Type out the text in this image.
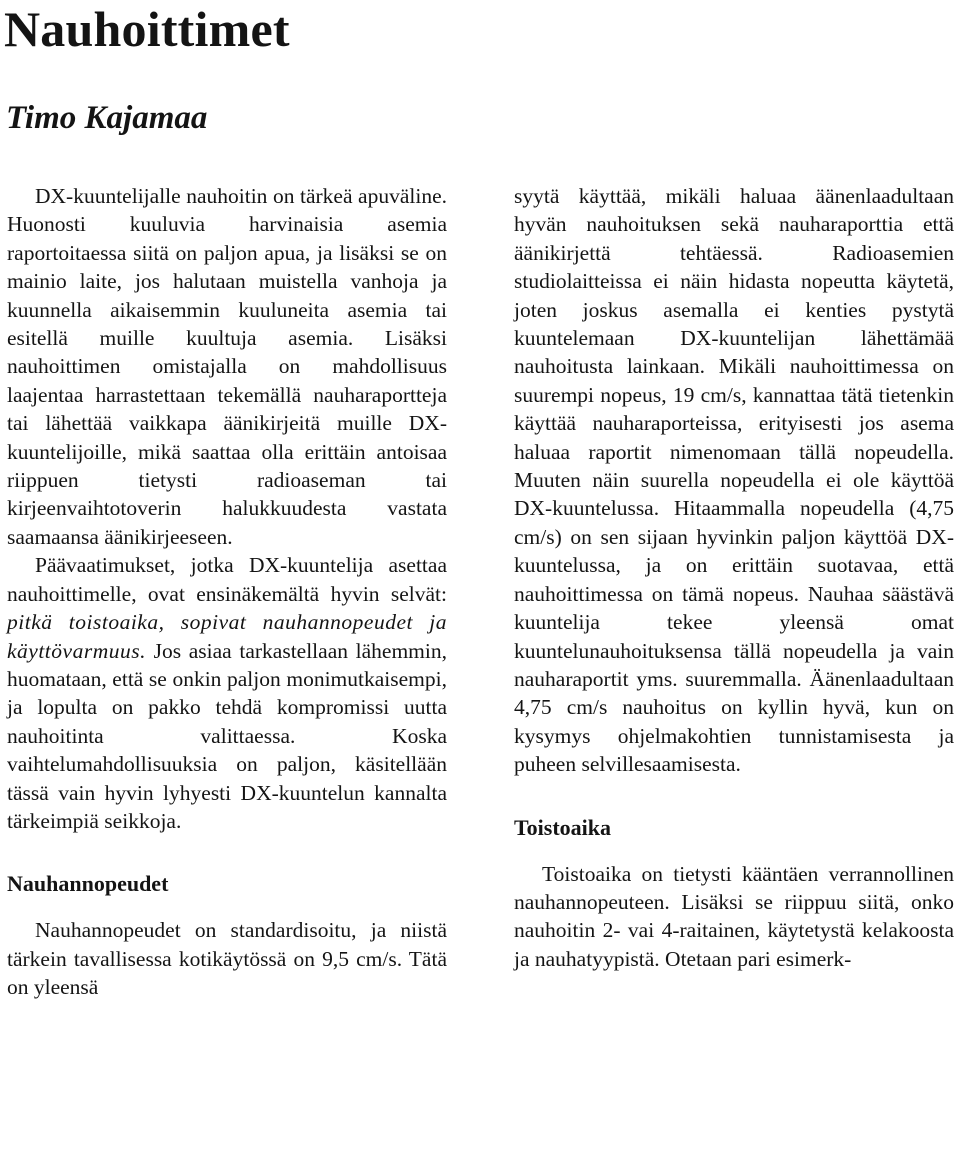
Nauhoittimet
Timo Kajamaa

DX-kuuntelijalle nauhoitin on tärkeä apuväline. Huonosti kuuluvia harvinaisia asemia raportoitaessa siitä on paljon apua, ja lisäksi se on mainio laite, jos halutaan muistella vanhoja ja kuunnella aikaisemmin kuuluneita asemia tai esitellä muille kuultuja asemia. Lisäksi nauhoittimen omistajalla on mahdollisuus laajentaa harrastettaan tekemällä nauharaportteja tai lähettää vaikkapa äänikirjeitä muille DX-kuuntelijoille, mikä saattaa olla erittäin antoisaa riippuen tietysti radioaseman tai kirjeenvaihtotoverin halukkuudesta vastata saamaansa äänikirjeeseen.

Päävaatimukset, jotka DX-kuuntelija asettaa nauhoittimelle, ovat ensinäkemältä hyvin selvät: pitkä toistoaika, sopivat nauhannopeudet ja käyttövarmuus. Jos asiaa tarkastellaan lähemmin, huomataan, että se onkin paljon monimutkaisempi, ja lopulta on pakko tehdä kompromissi uutta nauhoitinta valittaessa. Koska vaihtelumahdollisuuksia on paljon, käsitellään tässä vain hyvin lyhyesti DX-kuuntelun kannalta tärkeimpiä seikkoja.

Nauhannopeudet

Nauhannopeudet on standardisoitu, ja niistä tärkein tavallisessa kotikäytössä on 9,5 cm/s. Tätä on yleensä

syytä käyttää, mikäli haluaa äänenlaadultaan hyvän nauhoituksen sekä nauharaporttia että äänikirjettä tehtäessä. Radioasemien studiolaitteissa ei näin hidasta nopeutta käytetä, joten joskus asemalla ei kenties pystytä kuuntelemaan DX-kuuntelijan lähettämää nauhoitusta lainkaan. Mikäli nauhoittimessa on suurempi nopeus, 19 cm/s, kannattaa tätä tietenkin käyttää nauharaporteissa, erityisesti jos asema haluaa raportit nimenomaan tällä nopeudella. Muuten näin suurella nopeudella ei ole käyttöä DX-kuuntelussa. Hitaammalla nopeudella (4,75 cm/s) on sen sijaan hyvinkin paljon käyttöä DX-kuuntelussa, ja on erittäin suotavaa, että nauhoittimessa on tämä nopeus. Nauhaa säästävä kuuntelija tekee yleensä omat kuuntelunauhoituksensa tällä nopeudella ja vain nauharaportit yms. suuremmalla. Äänenlaadultaan 4,75 cm/s nauhoitus on kyllin hyvä, kun on kysymys ohjelmakohtien tunnistamisesta ja puheen selvillesaamisesta.

Toistoaika

Toistoaika on tietysti kääntäen verrannollinen nauhannopeuteen. Lisäksi se riippuu siitä, onko nauhoitin 2- vai 4-raitainen, käytetystä kelakoosta ja nauhatyypistä. Otetaan pari esimerk-
